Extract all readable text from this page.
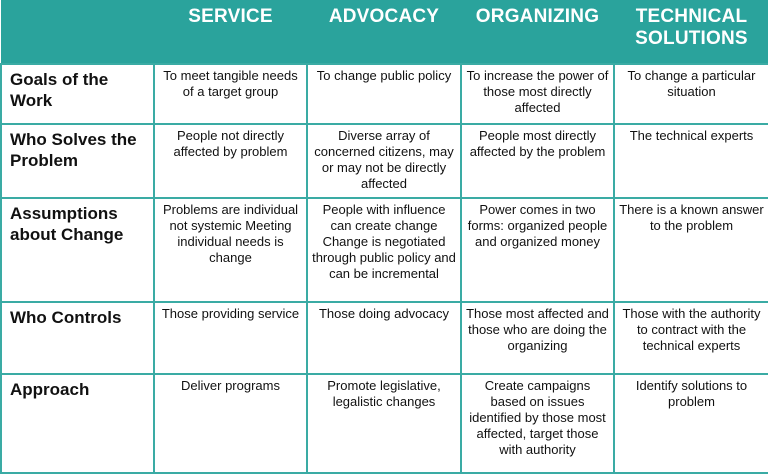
	SERVICE	ADVOCACY	ORGANIZING	TECHNICAL SOLUTIONS
Goals of the Work	To meet tangible needs of a target group	To change public policy	To increase the power of those most directly affected	To change a particular situation
Who Solves the Problem	People not directly affected by problem	Diverse array of concerned citizens, may or may not be directly affected	People most directly affected by the problem	The technical experts
Assumptions about Change	Problems are individual not systemic Meeting individual needs is change	People with influence can create change Change is negotiated through public policy and can be incremental	Power comes in two forms: organized people and organized money	There is a known answer to the problem
Who Controls	Those providing service	Those doing advocacy	Those most affected and those who are doing the organizing	Those with the authority to contract with the technical experts
Approach	Deliver programs	Promote legislative, legalistic changes	Create campaigns based on issues identified by those most affected, target those with authority	Identify solutions to problem
